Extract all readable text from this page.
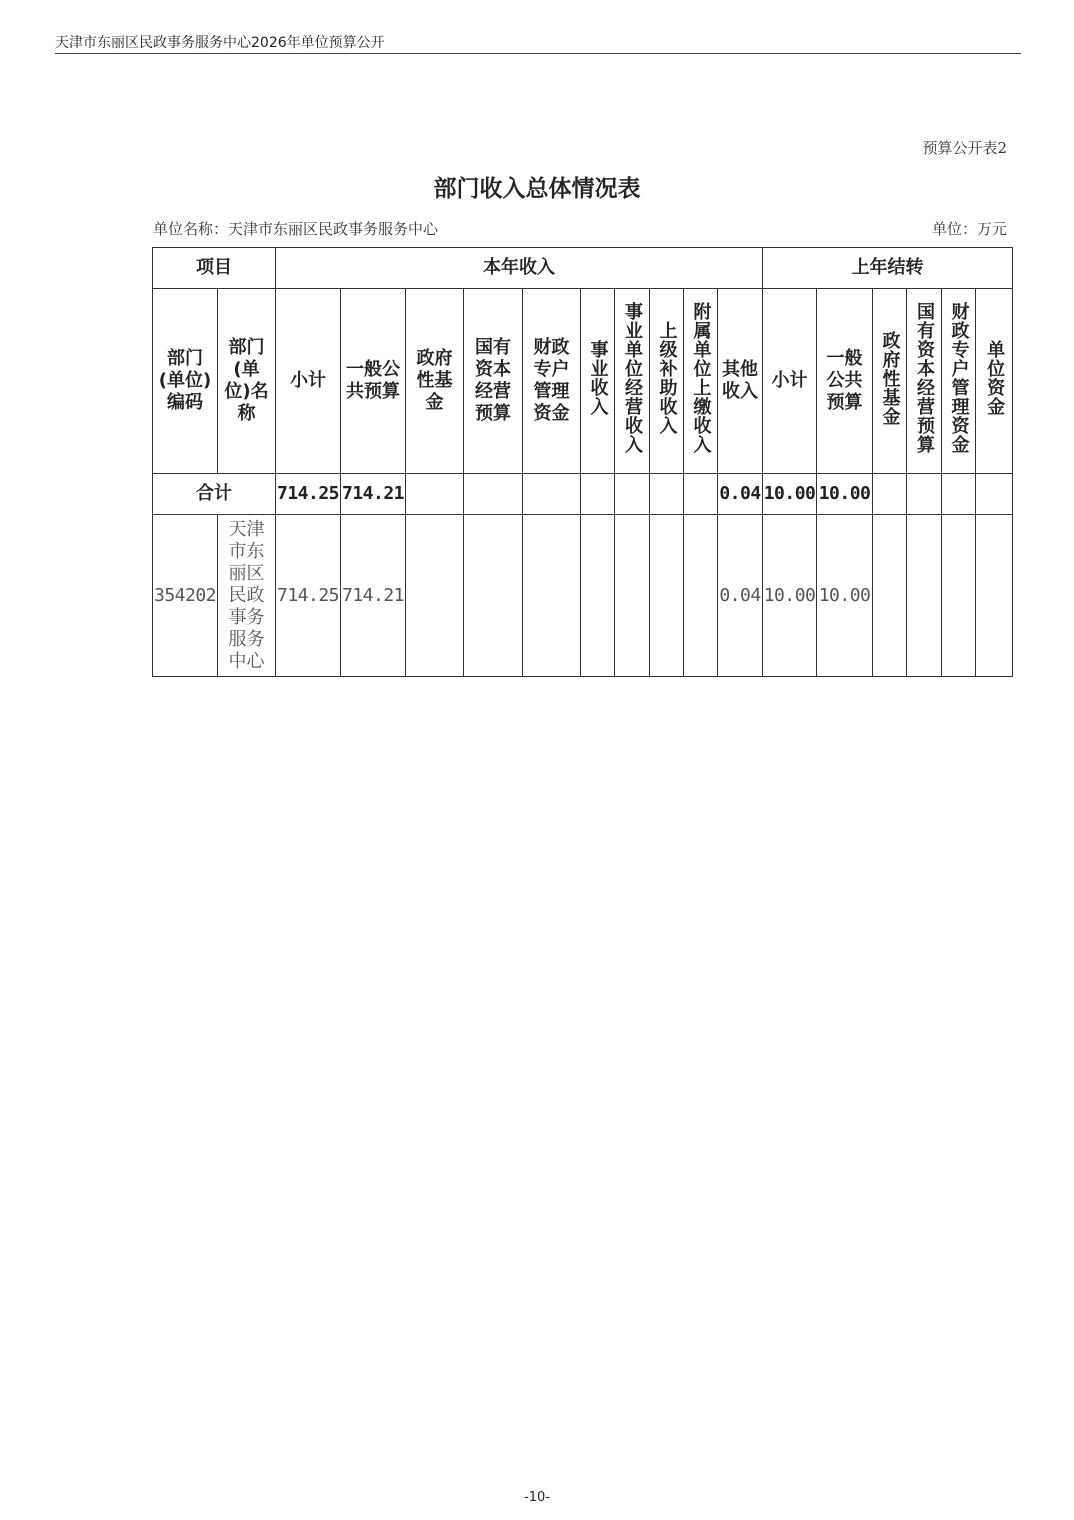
天津市东丽区民政事务服务中心2026年单位预算公开
预算公开表2
部门收入总体情况表
单位名称：天津市东丽区民政事务服务中心	单位：万元
项目		本年收入										上年结转					
部门(单位)编码	部门(单位)名称	小计	一般公共预算	政府性基金	国有资本经营预算	财政专户管理资金	事业收入	事业单位经营收入	上级补助收入	附属单位上缴收入	其他收入	小计	一般公共预算	政府性基金	国有资本经营预算	财政专户管理资金	单位资金
合计		714.25	714.21								0.04	10.00	10.00				
354202	天津市东丽区民政事务服务中心	714.25	714.21								0.04	10.00	10.00				
-10-
